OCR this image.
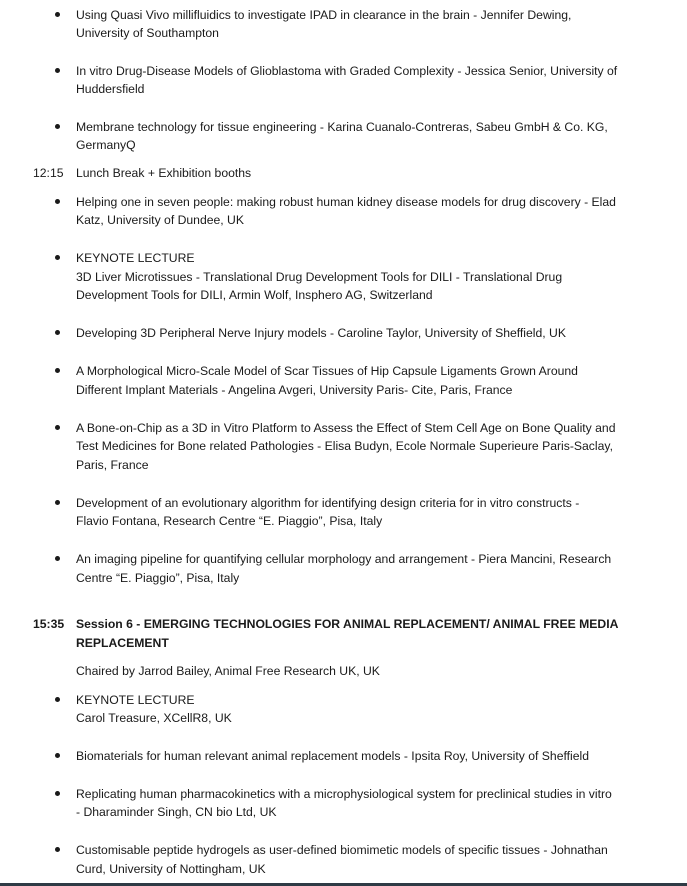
Using Quasi Vivo millifluidics to investigate IPAD in clearance in the brain - Jennifer Dewing,
University of Southampton
In vitro Drug-Disease Models of Glioblastoma with Graded Complexity - Jessica Senior, University of
Huddersfield
Membrane technology for tissue engineering - Karina Cuanalo-Contreras, Sabeu GmbH & Co. KG,
GermanyQ
12:15 Lunch Break + Exhibition booths
Helping one in seven people: making robust human kidney disease models for drug discovery - Elad
Katz, University of Dundee, UK
KEYNOTE LECTURE
3D Liver Microtissues - Translational Drug Development Tools for DILI - Translational Drug
Development Tools for DILI, Armin Wolf, Insphero AG, Switzerland
Developing 3D Peripheral Nerve Injury models - Caroline Taylor, University of Sheffield, UK
A Morphological Micro-Scale Model of Scar Tissues of Hip Capsule Ligaments Grown Around
Different Implant Materials - Angelina Avgeri, University Paris- Cite, Paris, France
A Bone-on-Chip as a 3D in Vitro Platform to Assess the Effect of Stem Cell Age on Bone Quality and
Test Medicines for Bone related Pathologies - Elisa Budyn, Ecole Normale Superieure Paris-Saclay,
Paris, France
Development of an evolutionary algorithm for identifying design criteria for in vitro constructs -
Flavio Fontana, Research Centre “E. Piaggio”, Pisa, Italy
An imaging pipeline for quantifying cellular morphology and arrangement - Piera Mancini, Research
Centre “E. Piaggio”, Pisa, Italy
15:35 Session 6 - EMERGING TECHNOLOGIES FOR ANIMAL REPLACEMENT/ ANIMAL FREE MEDIA
REPLACEMENT
Chaired by Jarrod Bailey, Animal Free Research UK, UK
KEYNOTE LECTURE
Carol Treasure, XCellR8, UK
Biomaterials for human relevant animal replacement models - Ipsita Roy, University of Sheffield
Replicating human pharmacokinetics with a microphysiological system for preclinical studies in vitro
- Dharaminder Singh, CN bio Ltd, UK
Customisable peptide hydrogels as user-defined biomimetic models of specific tissues - Johnathan
Curd, University of Nottingham, UK
